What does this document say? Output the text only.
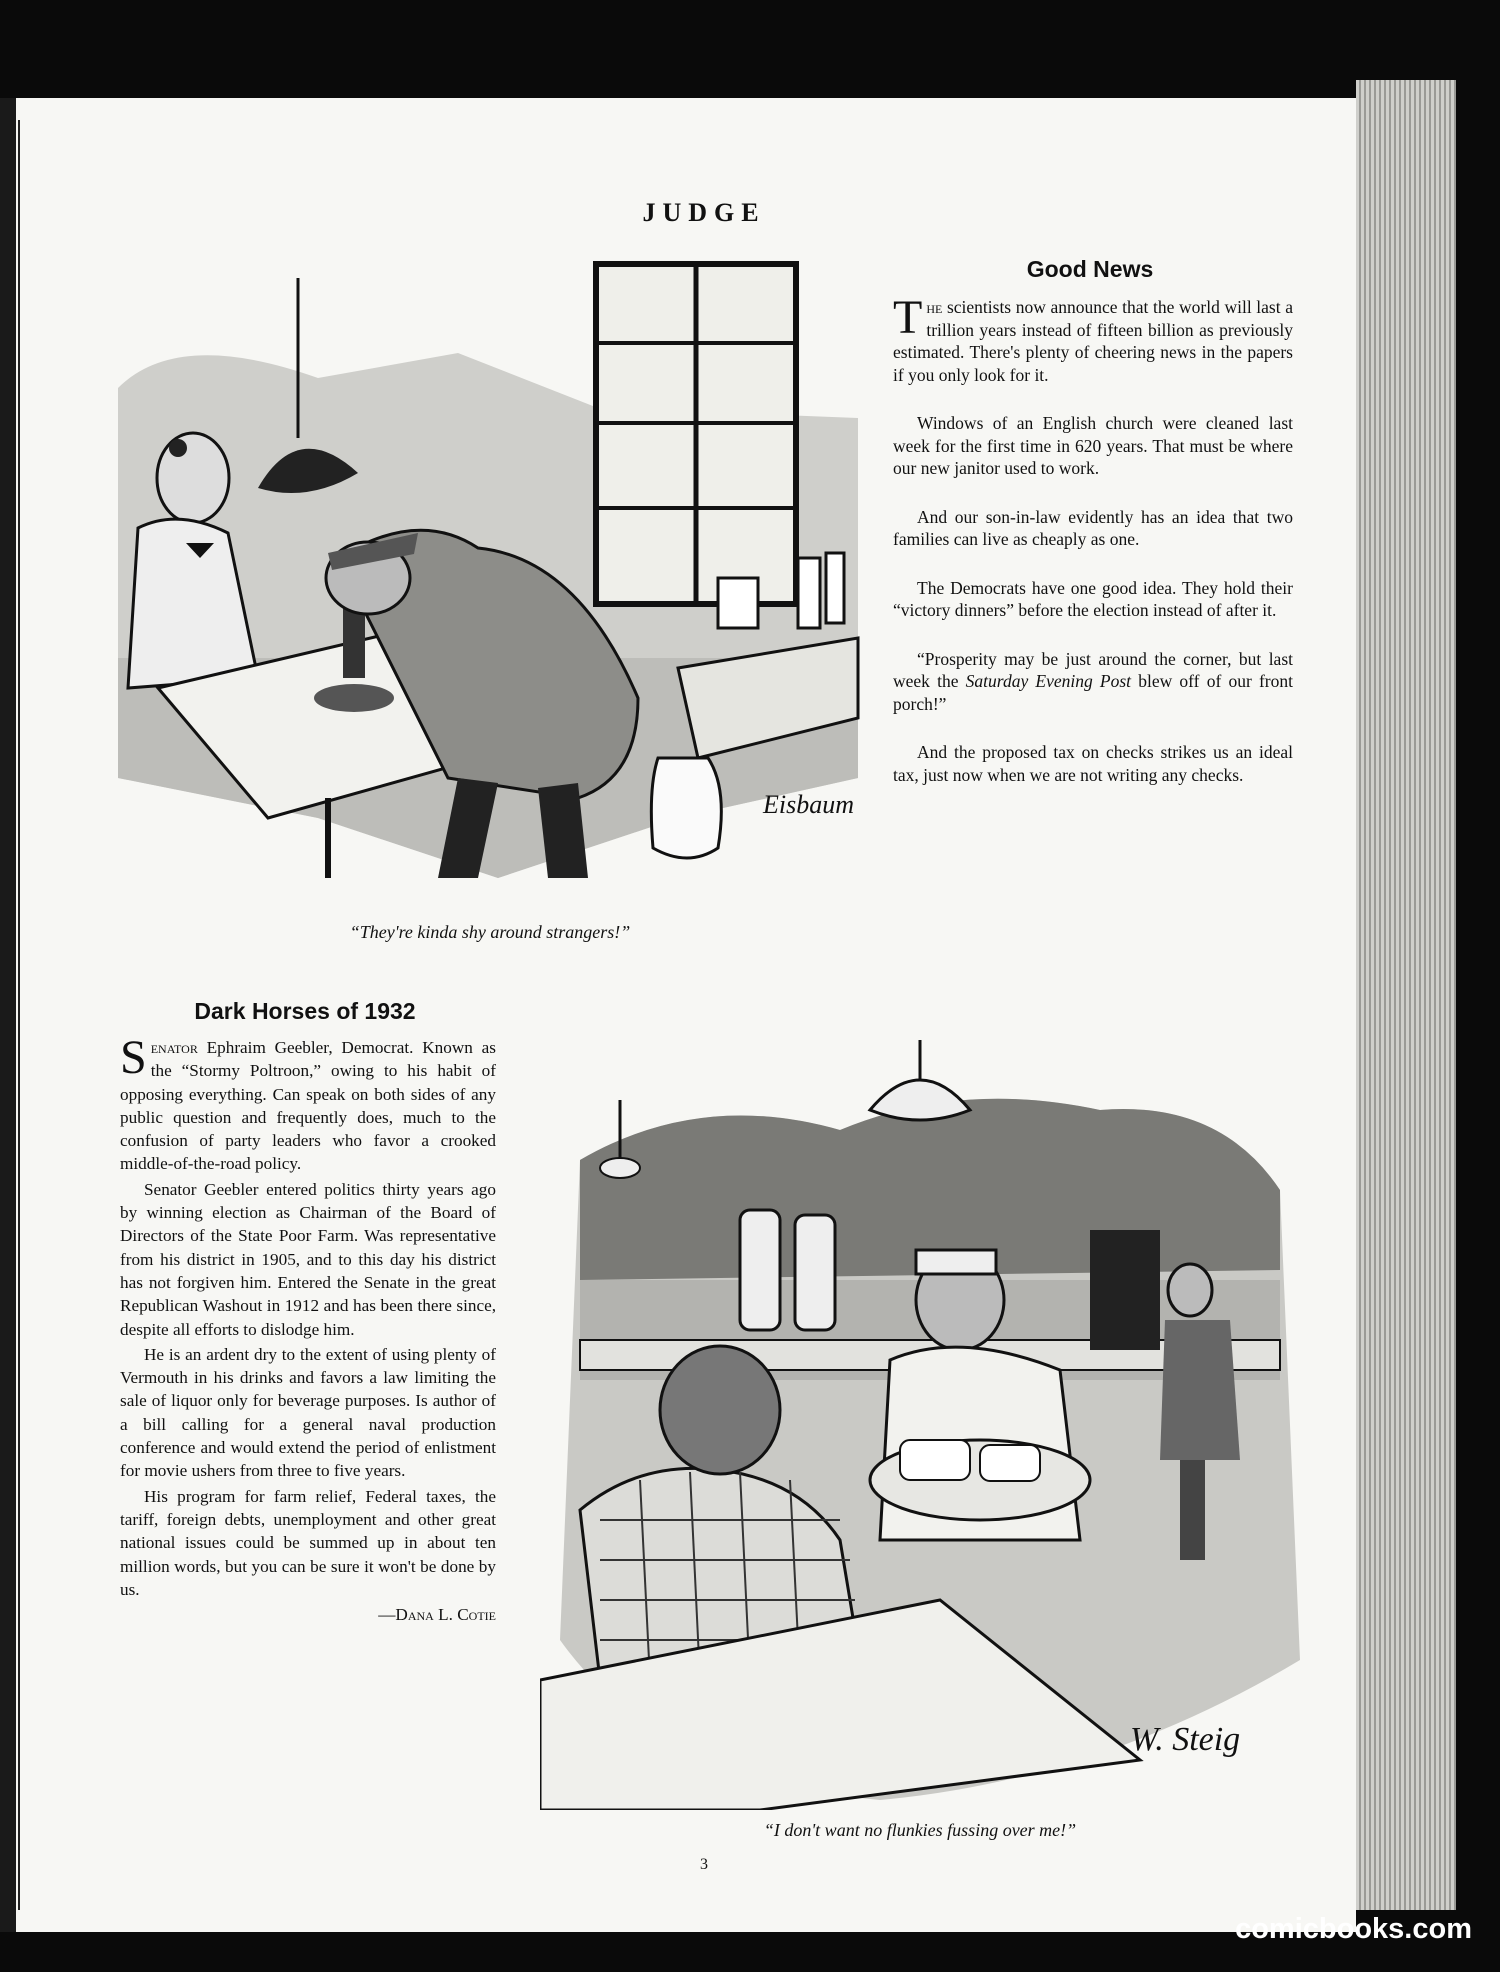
JUDGE
Eisbaum
“They're kinda shy around strangers!”
Good News

The scientists now announce that the world will last a trillion years instead of fifteen billion as previously estimated. There's plenty of cheering news in the papers if you only look for it.

Windows of an English church were cleaned last week for the first time in 620 years. That must be where our new janitor used to work.

And our son-in-law evidently has an idea that two families can live as cheaply as one.

The Democrats have one good idea. They hold their “victory dinners” before the election instead of after it.

“Prosperity may be just around the corner, but last week the Saturday Evening Post blew off of our front porch!”

And the proposed tax on checks strikes us an ideal tax, just now when we are not writing any checks.

Dark Horses of 1932

Senator Ephraim Geebler, Democrat. Known as the “Stormy Poltroon,” owing to his habit of opposing everything. Can speak on both sides of any public question and frequently does, much to the confusion of party leaders who favor a crooked middle-of-the-road policy.

Senator Geebler entered politics thirty years ago by winning election as Chairman of the Board of Directors of the State Poor Farm. Was representative from his district in 1905, and to this day his district has not forgiven him. Entered the Senate in the great Republican Washout in 1912 and has been there since, despite all efforts to dislodge him.

He is an ardent dry to the extent of using plenty of Vermouth in his drinks and favors a law limiting the sale of liquor only for beverage purposes. Is author of a bill calling for a general naval production conference and would extend the period of enlistment for movie ushers from three to five years.

His program for farm relief, Federal taxes, the tariff, foreign debts, unemployment and other great national issues could be summed up in about ten million words, but you can be sure it won't be done by us.

—Dana L. Cotie
W. Steig
“I don't want no flunkies fussing over me!”
3
comicbooks.com
